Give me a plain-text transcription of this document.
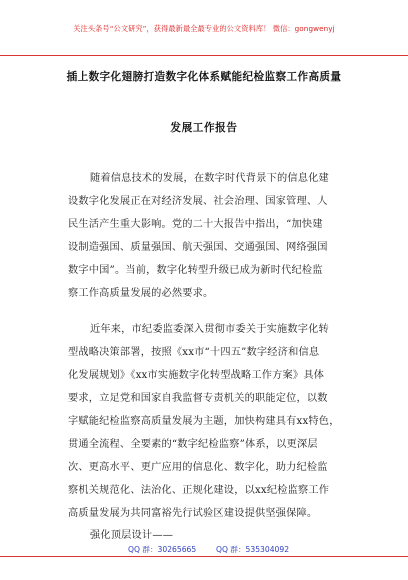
关注头条号“公文研究”，获得最新最全最专业的公文资料库！ 微信：gongwenyj
插上数字化翅膀打造数字化体系赋能纪检监察工作高质量
发展工作报告
随着信息技术的发展，在数字时代背景下的信息化建
设数字化发展正在对经济发展、社会治理、国家管理、人
民生活产生重大影响。党的二十大报告中指出，“加快建
设制造强国、质量强国、航天强国、交通强国、网络强国
数字中国”。当前，数字化转型升级已成为新时代纪检监
察工作高质量发展的必然要求。
近年来，市纪委监委深入贯彻市委关于实施数字化转
型战略决策部署，按照《xx市“十四五”数字经济和信息
化发展规划》《xx市实施数字化转型战略工作方案》具体
要求，立足党和国家自我监督专责机关的职能定位，以数
字赋能纪检监察高质量发展为主题，加快构建具有xx特色，
贯通全流程、全要素的“数字纪检监察”体系，以更深层
次、更高水平、更广应用的信息化、数字化，助力纪检监
察机关规范化、法治化、正规化建设，以xx纪检监察工作
高质量发展为共同富裕先行试验区建设提供坚强保障。
强化顶层设计——
QQ 群：30265665	QQ 群：535304092
